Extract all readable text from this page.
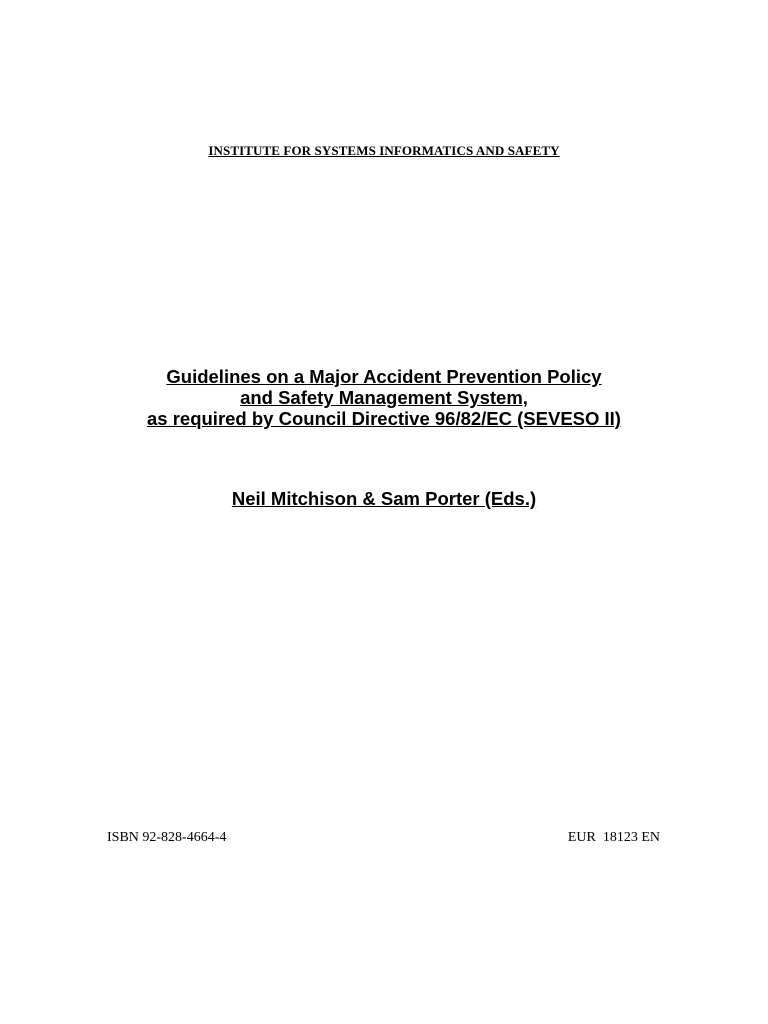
INSTITUTE FOR SYSTEMS INFORMATICS AND SAFETY
Guidelines on a Major Accident Prevention Policy
and Safety Management System,
as required by Council Directive 96/82/EC (SEVESO II)
Neil Mitchison & Sam Porter (Eds.)
ISBN 92-828-4664-4	EUR  18123 EN
